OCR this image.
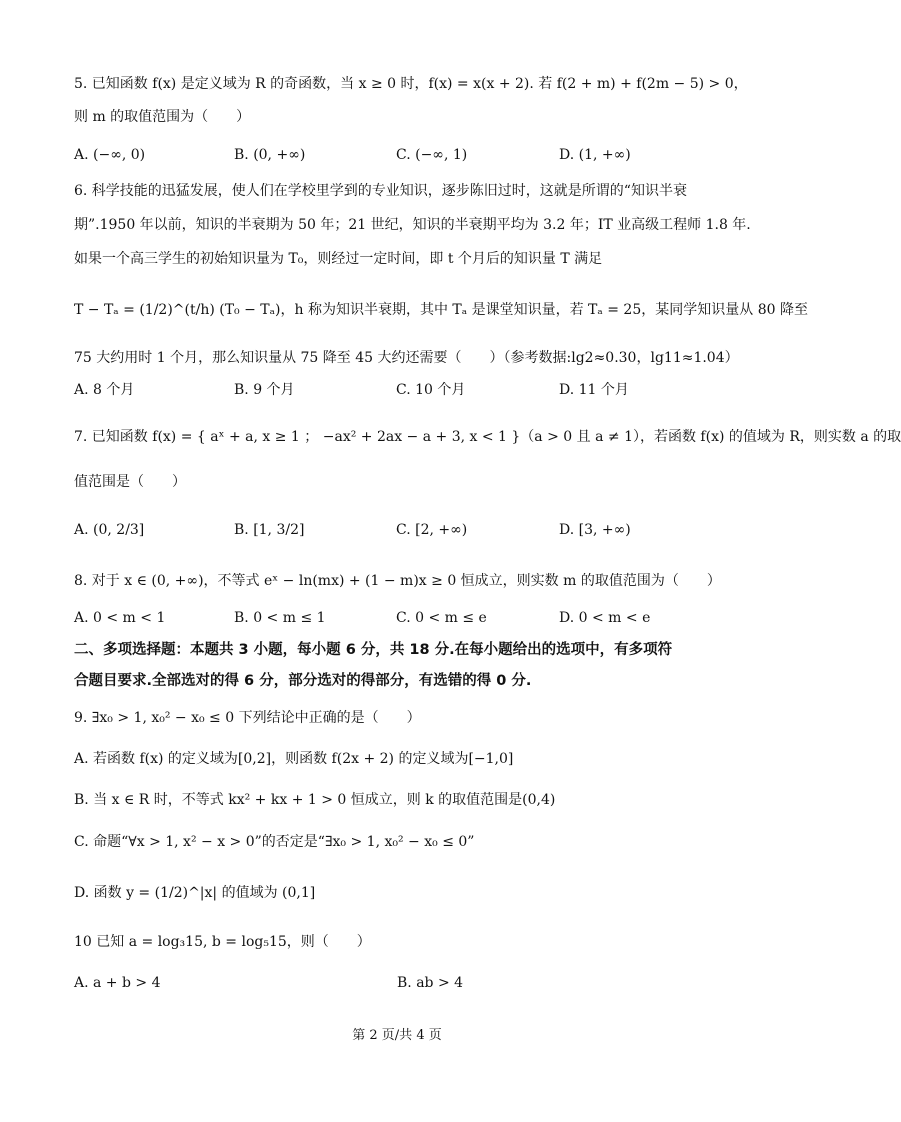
5. 已知函数 f(x) 是定义域为 R 的奇函数，当 x ≥ 0 时，f(x) = x(x + 2). 若 f(2 + m) + f(2m − 5) > 0，
则 m 的取值范围为（　　）
A. (−∞, 0)	B. (0, +∞)	C. (−∞, 1)	D. (1, +∞)
6. 科学技能的迅猛发展，使人们在学校里学到的专业知识，逐步陈旧过时，这就是所谓的“知识半衰
期”.1950 年以前，知识的半衰期为 50 年；21 世纪，知识的半衰期平均为 3.2 年；IT 业高级工程师 1.8 年.
如果一个高三学生的初始知识量为 T₀，则经过一定时间，即 t 个月后的知识量 T 满足
T − Tₐ = (1/2)^(t/h) (T₀ − Tₐ)，h 称为知识半衰期，其中 Tₐ 是课堂知识量，若 Tₐ = 25，某同学知识量从 80 降至
75 大约用时 1 个月，那么知识量从 75 降至 45 大约还需要（　　）（参考数据:lg2≈0.30，lg11≈1.04）
A. 8 个月	B. 9 个月	C. 10 个月	D. 11 个月
7. 已知函数 f(x) = { aˣ + a, x ≥ 1 ； −ax² + 2ax − a + 3, x < 1 }（a > 0 且 a ≠ 1），若函数 f(x) 的值域为 R，则实数 a 的取
值范围是（　　）
A. (0, 2/3]	B. [1, 3/2]	C. [2, +∞)	D. [3, +∞)
8. 对于 x ∈ (0, +∞)，不等式 eˣ − ln(mx) + (1 − m)x ≥ 0 恒成立，则实数 m 的取值范围为（　　）
A. 0 < m < 1	B. 0 < m ≤ 1	C. 0 < m ≤ e	D. 0 < m < e
二、多项选择题：本题共 3 小题，每小题 6 分，共 18 分.在每小题给出的选项中，有多项符
合题目要求.全部选对的得 6 分，部分选对的得部分，有选错的得 0 分.
9. ∃x₀ > 1, x₀² − x₀ ≤ 0 下列结论中正确的是（　　）
A. 若函数 f(x) 的定义域为[0,2]，则函数 f(2x + 2) 的定义域为[−1,0]
B. 当 x ∈ R 时，不等式 kx² + kx + 1 > 0 恒成立，则 k 的取值范围是(0,4)
C. 命题“∀x > 1, x² − x > 0”的否定是“∃x₀ > 1, x₀² − x₀ ≤ 0”
D. 函数 y = (1/2)^|x| 的值域为 (0,1]
10 已知 a = log₃15, b = log₅15，则（　　）
A. a + b > 4	B. ab > 4
第 2 页/共 4 页
